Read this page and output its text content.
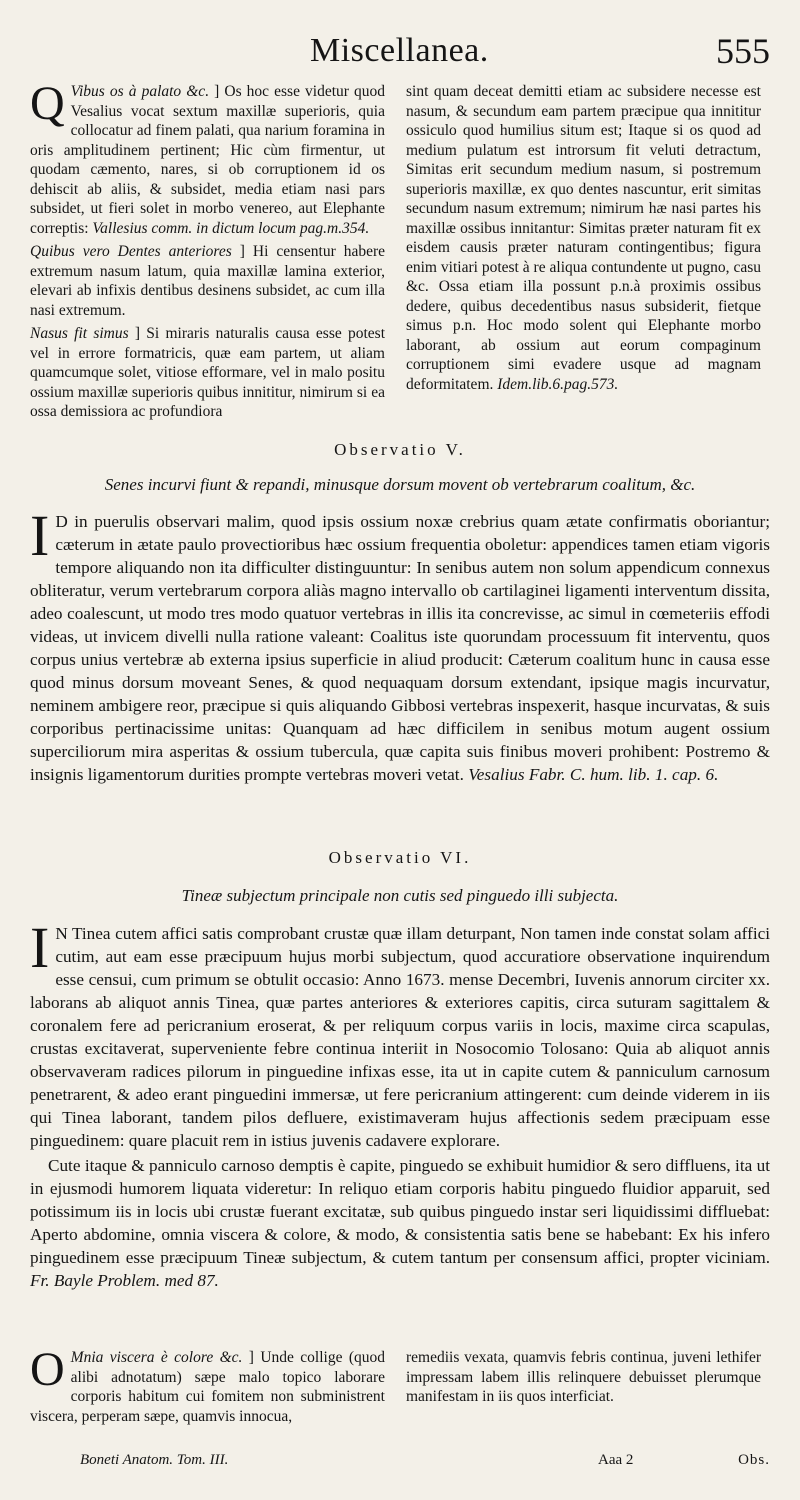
Miscellanea.	555

Q Vibus os à palato &c. ] Os hoc esse videtur quod Vesalius vocat sextum maxillæ superioris, quia collocatur ad finem palati, qua narium foramina in oris amplitudinem pertinent; Hic cùm firmentur, ut quodam cæmento, nares, si ob corruptionem id os dehiscit ab aliis, & subsidet, media etiam nasi pars subsidet, ut fieri solet in morbo venereo, aut Elephante correptis: Vallesius comm. in dictum locum pag.m.354.

Quibus vero Dentes anteriores ] Hi censentur habere extremum nasum latum, quia maxillæ lamina exterior, elevari ab infixis dentibus desinens subsidet, ac cum illa nasi extremum.

Nasus fit simus ] Si miraris naturalis causa esse potest vel in errore formatricis, quæ eam partem, ut aliam quamcumque solet, vitiose efformare, vel in malo positu ossium maxillæ superioris quibus innititur, nimirum si ea ossa demissiora ac profundiora

sint quam deceat demitti etiam ac subsidere necesse est nasum, & secundum eam partem præcipue qua innititur ossiculo quod humilius situm est; Itaque si os quod ad medium pulatum est introrsum fit veluti detractum, Simitas erit secundum medium nasum, si postremum superioris maxillæ, ex quo dentes nascuntur, erit simitas secundum nasum extremum; nimirum hæ nasi partes his maxillæ ossibus innitantur: Simitas præter naturam fit ex eisdem causis præter naturam contingentibus; figura enim vitiari potest à re aliqua contundente ut pugno, casu &c. Ossa etiam illa possunt p.n.à proximis ossibus dedere, quibus decedentibus nasus subsiderit, fietque simus p.n. Hoc modo solent qui Elephante morbo laborant, ab ossium aut eorum compaginum corruptionem simi evadere usque ad magnam deformitatem. Idem.lib.6.pag.573.

Observatio V.
Senes incurvi fiunt & repandi, minusque dorsum movent ob vertebrarum coalitum, &c.

I D in puerulis observari malim, quod ipsis ossium noxæ crebrius quam ætate confirmatis oboriantur; cæterum in ætate paulo provectioribus hæc ossium frequentia oboletur: appendices tamen etiam vigoris tempore aliquando non ita difficulter distinguuntur: In senibus autem non solum appendicum connexus obliteratur, verum vertebrarum corpora aliàs magno intervallo ob cartilaginei ligamenti interventum dissita, adeo coalescunt, ut modo tres modo quatuor vertebras in illis ita concrevisse, ac simul in cœmeteriis effodi videas, ut invicem divelli nulla ratione valeant: Coalitus iste quorundam processuum fit interventu, quos corpus unius vertebræ ab externa ipsius superficie in aliud producit: Cæterum coalitum hunc in causa esse quod minus dorsum moveant Senes, & quod nequaquam dorsum extendant, ipsique magis incurvatur, neminem ambigere reor, præcipue si quis aliquando Gibbosi vertebras inspexerit, hasque incurvatas, & suis corporibus pertinacissime unitas: Quanquam ad hæc difficilem in senibus motum augent ossium superciliorum mira asperitas & ossium tubercula, quæ capita suis finibus moveri prohibent: Postremo & insignis ligamentorum durities prompte vertebras moveri vetat. Vesalius Fabr. C. hum. lib. 1. cap. 6.

Observatio VI.
Tineæ subjectum principale non cutis sed pinguedo illi subjecta.

I N Tinea cutem affici satis comprobant crustæ quæ illam deturpant, Non tamen inde constat solam affici cutim, aut eam esse præcipuum hujus morbi subjectum, quod accuratiore observatione inquirendum esse censui, cum primum se obtulit occasio: Anno 1673. mense Decembri, Iuvenis annorum circiter xx. laborans ab aliquot annis Tinea, quæ partes anteriores & exteriores capitis, circa suturam sagittalem & coronalem fere ad pericranium eroserat, & per reliquum corpus variis in locis, maxime circa scapulas, crustas excitaverat, superveniente febre continua interiit in Nosocomio Tolosano: Quia ab aliquot annis observaveram radices pilorum in pinguedine infixas esse, ita ut in capite cutem & panniculum carnosum penetrarent, & adeo erant pinguedini immersæ, ut fere pericranium attingerent: cum deinde viderem in iis qui Tinea laborant, tandem pilos defluere, existimaveram hujus affectionis sedem præcipuam esse pinguedinem: quare placuit rem in istius juvenis cadavere explorare.

Cute itaque & panniculo carnoso demptis è capite, pinguedo se exhibuit humidior & sero diffluens, ita ut in ejusmodi humorem liquata videretur: In reliquo etiam corporis habitu pinguedo fluidior apparuit, sed potissimum iis in locis ubi crustæ fuerant excitatæ, sub quibus pinguedo instar seri liquidissimi diffluebat: Aperto abdomine, omnia viscera & colore, & modo, & consistentia satis bene se habebant: Ex his infero pinguedinem esse præcipuum Tineæ subjectum, & cutem tantum per consensum affici, propter viciniam. Fr. Bayle Problem. med 87.

O Mnia viscera è colore &c. ] Unde collige (quod alibi adnotatum) sæpe malo topico laborare corporis habitum cui fomitem non subministrent viscera, perperam sæpe, quamvis innocua,

remediis vexata, quamvis febris continua, juveni lethifer impressam labem illis relinquere debuisset plerumque manifestam in iis quos interficiat.

Boneti Anatom. Tom. III.	Aaa 2	Obs.
